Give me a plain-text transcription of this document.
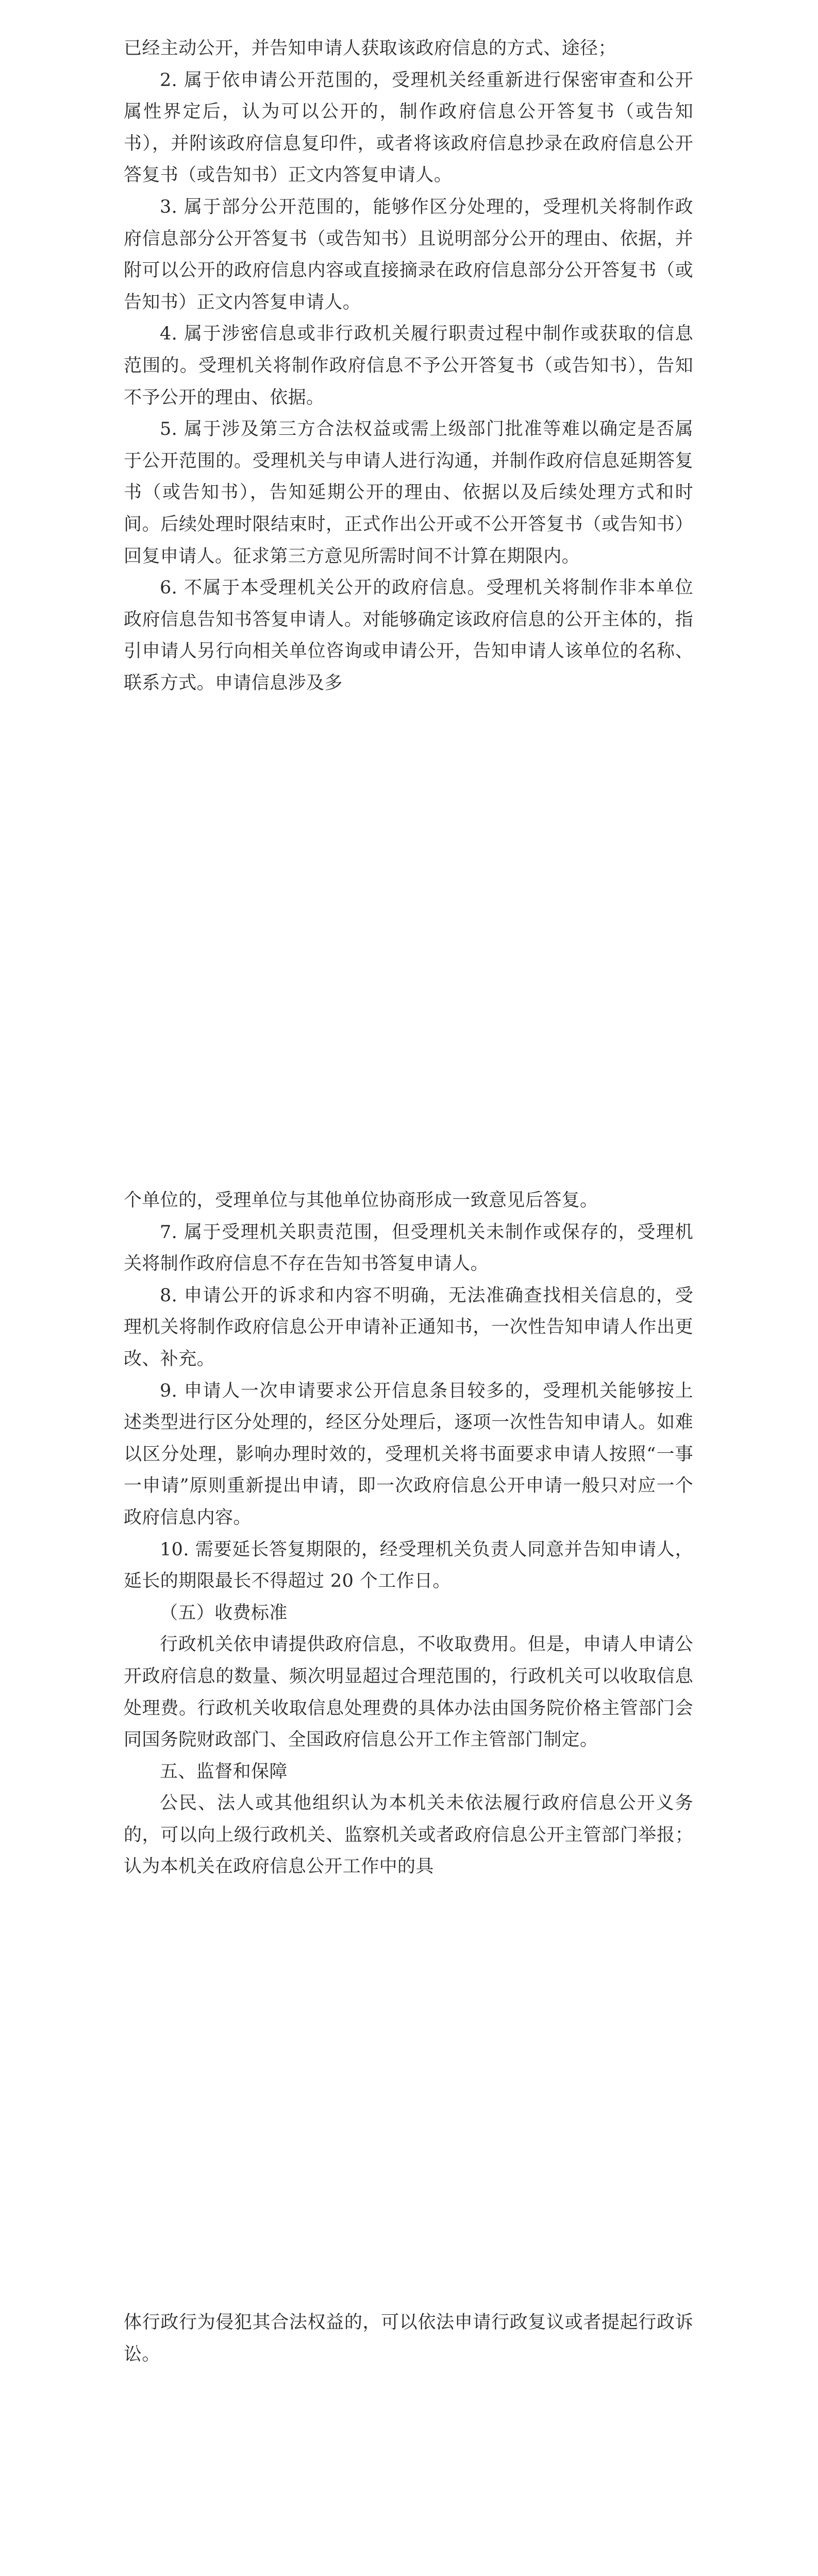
已经主动公开，并告知申请人获取该政府信息的方式、途径；

2. 属于依申请公开范围的，受理机关经重新进行保密审查和公开属性界定后，认为可以公开的，制作政府信息公开答复书（或告知书），并附该政府信息复印件，或者将该政府信息抄录在政府信息公开答复书（或告知书）正文内答复申请人。

3. 属于部分公开范围的，能够作区分处理的，受理机关将制作政府信息部分公开答复书（或告知书）且说明部分公开的理由、依据，并附可以公开的政府信息内容或直接摘录在政府信息部分公开答复书（或告知书）正文内答复申请人。

4. 属于涉密信息或非行政机关履行职责过程中制作或获取的信息范围的。受理机关将制作政府信息不予公开答复书（或告知书），告知不予公开的理由、依据。

5. 属于涉及第三方合法权益或需上级部门批准等难以确定是否属于公开范围的。受理机关与申请人进行沟通，并制作政府信息延期答复书（或告知书），告知延期公开的理由、依据以及后续处理方式和时间。后续处理时限结束时，正式作出公开或不公开答复书（或告知书）回复申请人。征求第三方意见所需时间不计算在期限内。

6. 不属于本受理机关公开的政府信息。受理机关将制作非本单位政府信息告知书答复申请人。对能够确定该政府信息的公开主体的，指引申请人另行向相关单位咨询或申请公开，告知申请人该单位的名称、联系方式。申请信息涉及多

个单位的，受理单位与其他单位协商形成一致意见后答复。

7. 属于受理机关职责范围，但受理机关未制作或保存的，受理机关将制作政府信息不存在告知书答复申请人。

8. 申请公开的诉求和内容不明确，无法准确查找相关信息的，受理机关将制作政府信息公开申请补正通知书，一次性告知申请人作出更改、补充。

9. 申请人一次申请要求公开信息条目较多的，受理机关能够按上述类型进行区分处理的，经区分处理后，逐项一次性告知申请人。如难以区分处理，影响办理时效的，受理机关将书面要求申请人按照“一事一申请”原则重新提出申请，即一次政府信息公开申请一般只对应一个政府信息内容。

10. 需要延长答复期限的，经受理机关负责人同意并告知申请人，延长的期限最长不得超过 20 个工作日。

（五）收费标准

行政机关依申请提供政府信息，不收取费用。但是，申请人申请公开政府信息的数量、频次明显超过合理范围的，行政机关可以收取信息处理费。行政机关收取信息处理费的具体办法由国务院价格主管部门会同国务院财政部门、全国政府信息公开工作主管部门制定。

五、监督和保障

公民、法人或其他组织认为本机关未依法履行政府信息公开义务的，可以向上级行政机关、监察机关或者政府信息公开主管部门举报；认为本机关在政府信息公开工作中的具

体行政行为侵犯其合法权益的，可以依法申请行政复议或者提起行政诉讼。
